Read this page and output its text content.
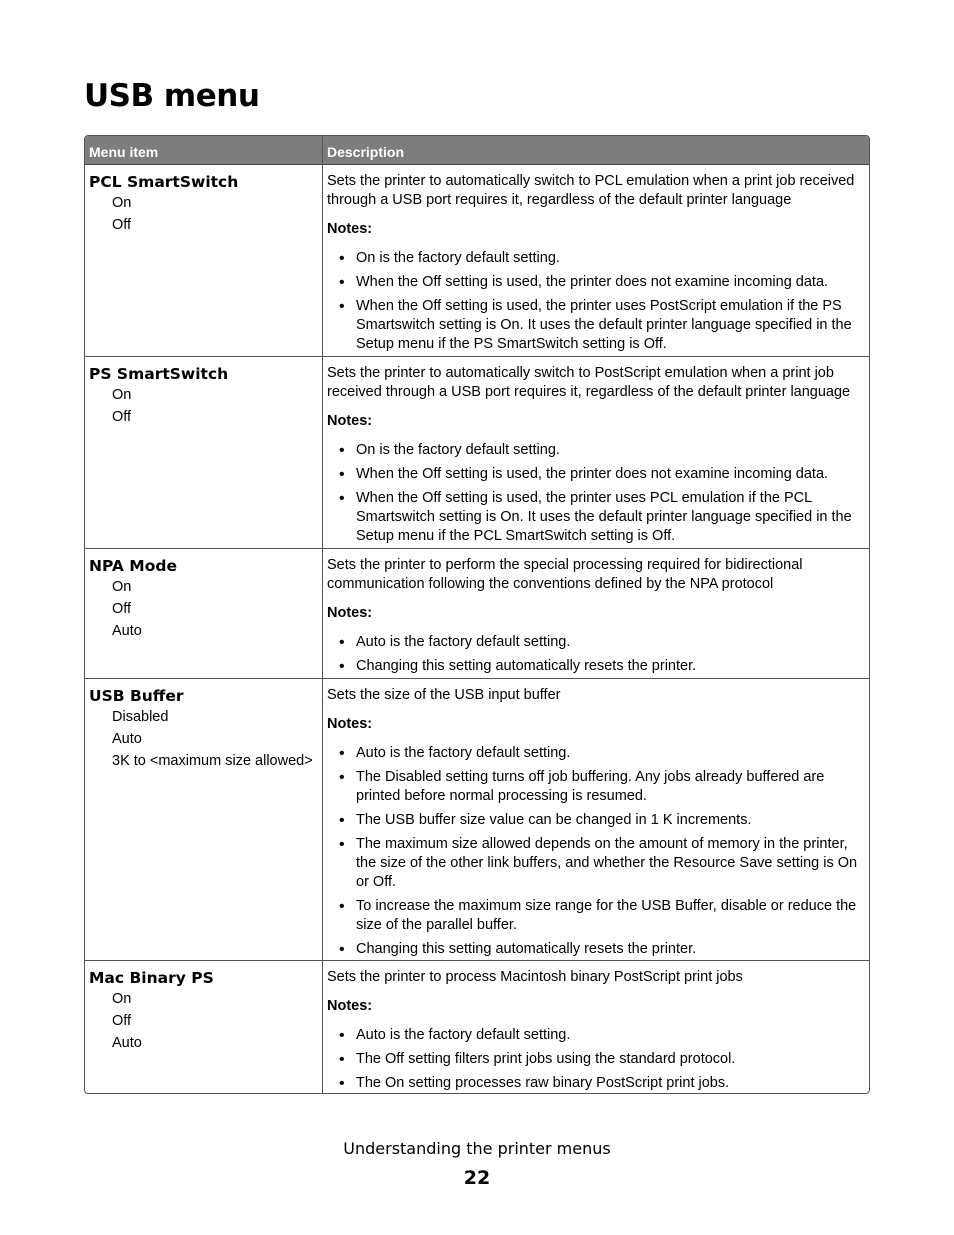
USB menu
Menu item	Description
PCL SmartSwitch
On
Off

Sets the printer to automatically switch to PCL emulation when a print job received through a USB port requires it, regardless of the default printer language

Notes:

• On is the factory default setting.
• When the Off setting is used, the printer does not examine incoming data.
• When the Off setting is used, the printer uses PostScript emulation if the PS Smartswitch setting is On. It uses the default printer language specified in the Setup menu if the PS SmartSwitch setting is Off.
PS SmartSwitch
On
Off

Sets the printer to automatically switch to PostScript emulation when a print job received through a USB port requires it, regardless of the default printer language

Notes:

• On is the factory default setting.
• When the Off setting is used, the printer does not examine incoming data.
• When the Off setting is used, the printer uses PCL emulation if the PCL Smartswitch setting is On. It uses the default printer language specified in the Setup menu if the PCL SmartSwitch setting is Off.
NPA Mode
On
Off
Auto

Sets the printer to perform the special processing required for bidirectional communication following the conventions defined by the NPA protocol

Notes:

• Auto is the factory default setting.
• Changing this setting automatically resets the printer.
USB Buffer
Disabled
Auto
3K to <maximum size allowed>

Sets the size of the USB input buffer

Notes:

• Auto is the factory default setting.
• The Disabled setting turns off job buffering. Any jobs already buffered are printed before normal processing is resumed.
• The USB buffer size value can be changed in 1 K increments.
• The maximum size allowed depends on the amount of memory in the printer, the size of the other link buffers, and whether the Resource Save setting is On or Off.
• To increase the maximum size range for the USB Buffer, disable or reduce the size of the parallel buffer.
• Changing this setting automatically resets the printer.
Mac Binary PS
On
Off
Auto

Sets the printer to process Macintosh binary PostScript print jobs

Notes:

• Auto is the factory default setting.
• The Off setting filters print jobs using the standard protocol.
• The On setting processes raw binary PostScript print jobs.
Understanding the printer menus
22
